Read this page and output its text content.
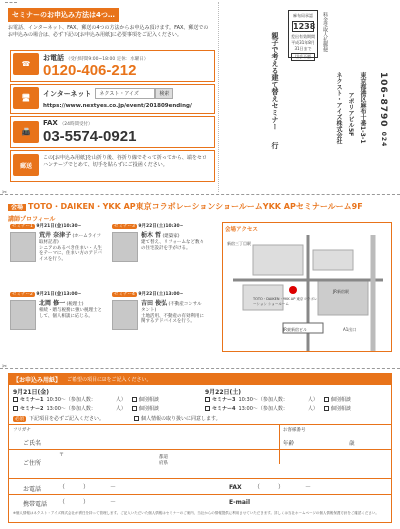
セミナーのお申込み方法は4つ…
お電話、インターネット、FAX、郵送の4つの方法からお申込み頂けます。FAX、郵送でのお申込みの場合は、必ず下記の[お申込み用紙]に必要事項をご記入ください。
☎
お電話 （受付時間9:00~18:00 定休：水曜日）
0120-406-212
🖥
インターネット	ネクスト・アイズ	検索
https://www.nextyes.co.jp/event/201809ending/
📠
FAX （24時間受付）
03-5574-0921
郵送
この[お申込み用紙]を山折り後、谷折り線でそって折ってから、端をセロハンテープでとめて、切手を貼らずにご投函ください。
麻布局承認
1238
差出有効期間
平成31年8月
31日まで
切手不要
料金受取人払郵便
106-8790 024
東京都港区麻布十番1-3-1
アポリアビル5F
ネクスト・アイズ株式会社
親子で考える建て替えセミナー
行
✂
会場 TOTO・DAIKEN・YKK AP東京コラボレーションショールームYKK APセミナールーム9F
講師プロフィール
セミナー1 9月21日(金)10:30~
荒井 奈津子 (ホームライフ取材記者)
シニアのあるべき住まい・人生をテーマに、住まい方のアドバイスを行う。
セミナー3 9月22日(土)10:30~
栃木 哲 (建築家)
建て替え、リフォームなど数々の住宅設計を手がける。
セミナー2 9月21日(金)13:00~
北岡 修一 (税理士)
相続・贈与税務に強い税理士として、個人相談に応じる。
セミナー4 9月22日(土)13:00~
吉田 俊弘 (不動産コンサルタント)
土地活用、不動産の有効利用に関するアドバイスを行う。
会場アクセス
新宿三丁目駅
TOTO・DAIKEN・YKK AP 東京コラボレーション ショールーム
JR東新宿ビル
JR新宿駅
A1出口
✂
【お申込み用紙】 ご希望の項目に☑をご記入ください。
9月21日(金)	9月22日(土)
セミナー1 10:30～（参加人数：	人）	個別相談
セミナー2 13:00～（参加人数：	人）	個別相談
セミナー3 10:30～（参加人数：	人）	個別相談
セミナー4 13:00～（参加人数：	人）	個別相談
必須	下記項目を必ずご記入ください。	個人情報の取り扱いに同意します。
フリガナ
ご氏名
お客様番号
年齢	歳
〒
ご住所
都道府県
お電話	（　　　）　　　　－	FAX （　　　）　　　　－
携帯電話 （　　　）　　　　－	E-mail
※個人情報はネクスト・アイズ株式会社が責任を持って管理します。ご記入いただいた個人情報はセミナーのご案内、当社からの情報提供に利用させていただきます。詳しくは当社ホームページの個人情報保護方針をご確認ください。
